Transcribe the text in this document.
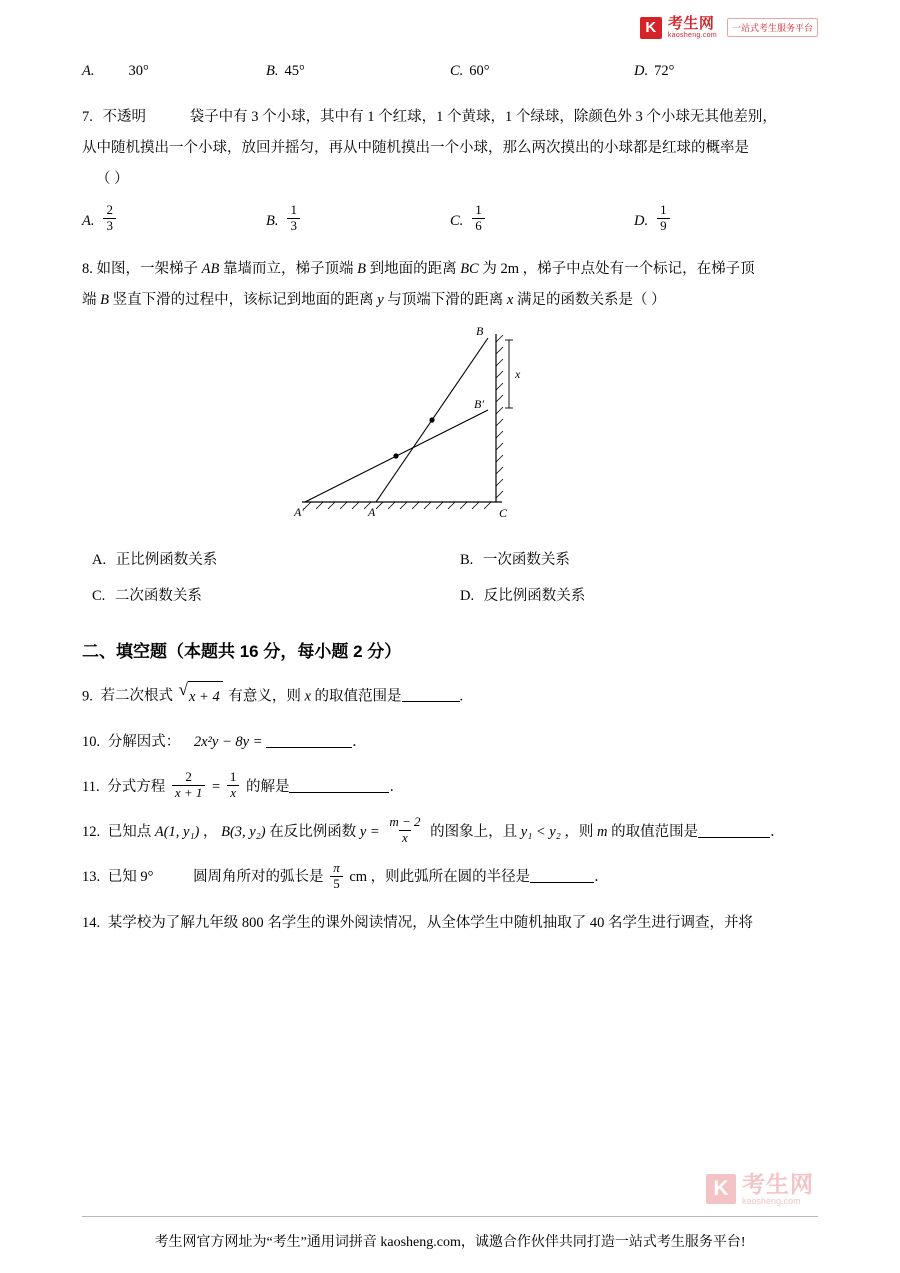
K 考生网
kaosheng.com
一站式考生服务平台
A. 30°	B. 45°	C. 60°	D. 72°

7. 不透明	袋子中有 3 个小球，其中有 1 个红球，1 个黄球，1 个绿球，除颜色外 3 个小球无其他差别，

从中随机摸出一个小球，放回并摇匀，再从中随机摸出一个小球，那么两次摸出的小球都是红球的概率是

（ ）

A. $\frac{2}{3}$	B. $\frac{1}{3}$	C. $\frac{1}{6}$	D. $\frac{1}{9}$

8. 如图，一架梯子 AB 靠墙而立，梯子顶端 B 到地面的距离 BC 为 2m ，梯子中点处有一个标记，在梯子顶

端 B 竖直下滑的过程中，该标记到地面的距离 y 与顶端下滑的距离 x 满足的函数关系是（ ）

B
B′
A′	A	C
x
A. 正比例函数关系	B. 一次函数关系
C. 二次函数关系	D. 反比例函数关系
二、填空题（本题共 16 分，每小题 2 分）

9. 若二次根式 √ x + 4 有意义，则 x 的取值范围是	.

10. 分解因式： 2x²y − 8y =	．

11. 分式方程 $\frac{2}{x + 1} = \frac{1}{x}$ 的解是	．

12. 已知点 A(1, y₁) ， B(3, y₂) 在反比例函数 $y = \frac{m - 2}{x}$ 的图象上，且 y₁ < y₂ ，则 m 的取值范围是	．

13. 已知 9°	圆周角所对的弧长是 $\frac{\pi}{5}$ cm ，则此弧所在圆的半径是	．

14. 某学校为了解九年级 800 名学生的课外阅读情况，从全体学生中随机抽取了 40 名学生进行调查，并将

K 考生网
kaosheng.com
考生网官方网址为“考生”通用词拼音 kaosheng.com，诚邀合作伙伴共同打造一站式考生服务平台!
